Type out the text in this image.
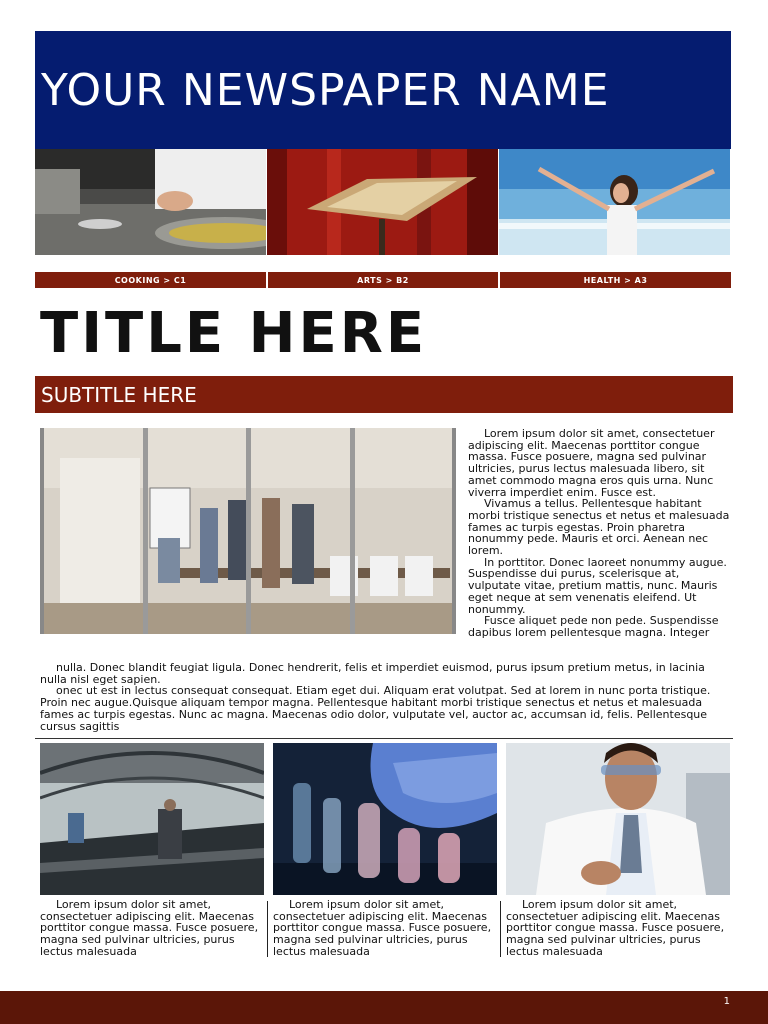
YOUR NEWSPAPER NAME
COOKING > C1	ARTS > B2	HEALTH > A3
TITLE HERE
SUBTITLE HERE

Lorem ipsum dolor sit amet, consectetuer adipiscing elit. Maecenas porttitor congue massa. Fusce posuere, magna sed pulvinar ultricies, purus lectus malesuada libero, sit amet commodo magna eros quis urna. Nunc viverra imperdiet enim. Fusce est.

Vivamus a tellus. Pellentesque habitant morbi tristique senectus et netus et malesuada fames ac turpis egestas. Proin pharetra nonummy pede. Mauris et orci. Aenean nec lorem.

In porttitor. Donec laoreet nonummy augue. Suspendisse dui purus, scelerisque at, vulputate vitae, pretium mattis, nunc. Mauris eget neque at sem venenatis eleifend. Ut nonummy.

Fusce aliquet pede non pede. Suspendisse dapibus lorem pellentesque magna. Integer

nulla. Donec blandit feugiat ligula. Donec hendrerit, felis et imperdiet euismod, purus ipsum pretium metus, in lacinia nulla nisl eget sapien.

onec ut est in lectus consequat consequat. Etiam eget dui. Aliquam erat volutpat. Sed at lorem in nunc porta tristique. Proin nec augue.Quisque aliquam tempor magna. Pellentesque habitant morbi tristique senectus et netus et malesuada fames ac turpis egestas. Nunc ac magna. Maecenas odio dolor, vulputate vel, auctor ac, accumsan id, felis. Pellentesque cursus sagittis

Lorem ipsum dolor sit amet, consectetuer adipiscing elit. Maecenas porttitor congue massa. Fusce posuere, magna sed pulvinar ultricies, purus lectus malesuada

Lorem ipsum dolor sit amet, consectetuer adipiscing elit. Maecenas porttitor congue massa. Fusce posuere, magna sed pulvinar ultricies, purus lectus malesuada

Lorem ipsum dolor sit amet, consectetuer adipiscing elit. Maecenas porttitor congue massa. Fusce posuere, magna sed pulvinar ultricies, purus lectus malesuada

1
